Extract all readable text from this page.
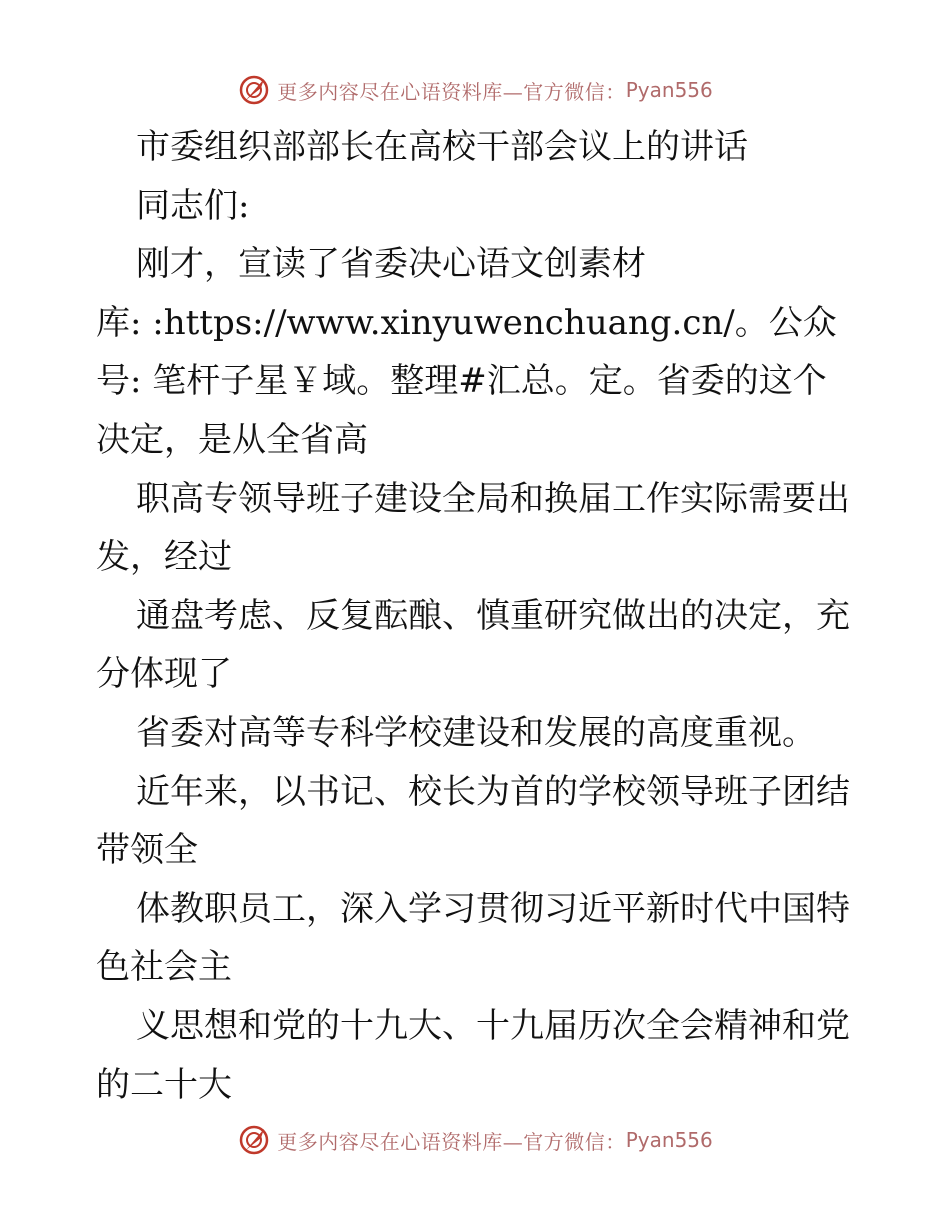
更多内容尽在心语资料库—官方微信： Pyan556
市委组织部部长在高校干部会议上的讲话
同志们:
刚才，宣读了省委决心语文创素材
库: :https://www.xinyuwenchuang.cn/。公众
号: 笔杆子星￥域。整理#汇总。定。省委的这个
决定，是从全省高
职高专领导班子建设全局和换届工作实际需要出
发，经过
通盘考虑、反复酝酿、慎重研究做出的决定，充
分体现了
省委对高等专科学校建设和发展的高度重视。
近年来，以书记、校长为首的学校领导班子团结
带领全
体教职员工，深入学习贯彻习近平新时代中国特
色社会主
义思想和党的十九大、十九届历次全会精神和党
的二十大
更多内容尽在心语资料库—官方微信： Pyan556
